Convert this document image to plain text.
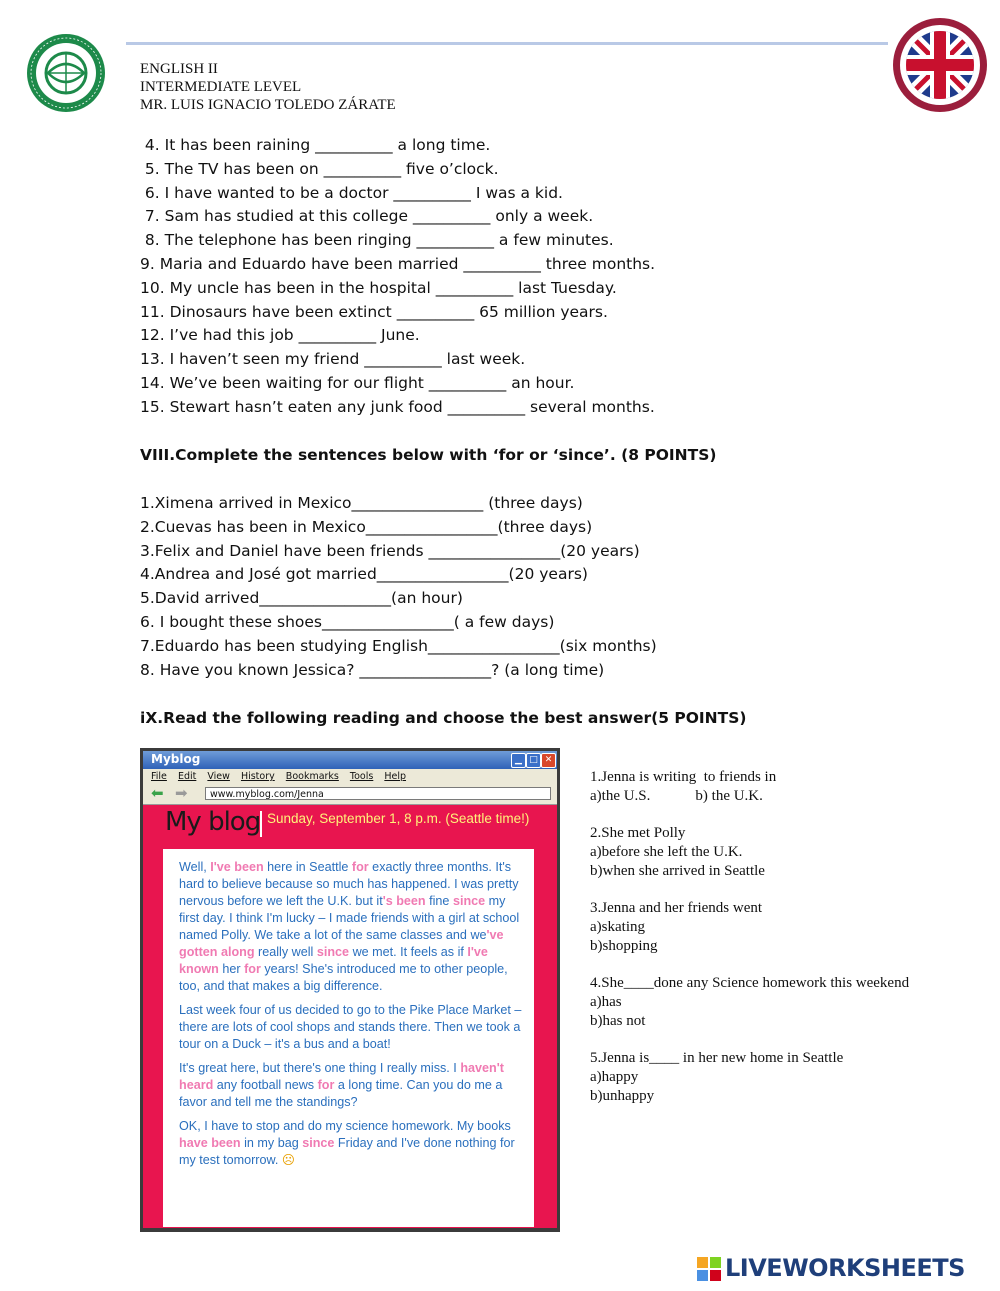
ENGLISH II
INTERMEDIATE LEVEL
MR. LUIS IGNACIO TOLEDO ZÁRATE
4. It has been raining __________ a long time.
5. The TV has been on __________ five o’clock.
6. I have wanted to be a doctor __________ I was a kid.
7. Sam has studied at this college __________ only a week.
8. The telephone has been ringing __________ a few minutes.
9. Maria and Eduardo have been married __________ three months.
10. My uncle has been in the hospital __________ last Tuesday.
11. Dinosaurs have been extinct __________ 65 million years.
12. I’ve had this job __________ June.
13. I haven’t seen my friend __________ last week.
14. We’ve been waiting for our flight __________ an hour.
15. Stewart hasn’t eaten any junk food __________ several months.
VIII.Complete the sentences below with ‘for or ‘since’. (8 POINTS)
1.Ximena arrived in Mexico_________________ (three days)
2.Cuevas has been in Mexico_________________(three days)
3.Felix and Daniel have been friends _________________(20 years)
4.Andrea and José got married_________________(20 years)
5.David arrived_________________(an hour)
6. I bought these shoes_________________( a few days)
7.Eduardo has been studying English_________________(six months)
8. Have you known Jessica? _________________? (a long time)
iX.Read the following reading and choose the best answer(5 POINTS)
Myblog	▁ □ ✕
File Edit View History Bookmarks Tools Help
⬅ ➡	www.myblog.com/Jenna
My blog Sunday, September 1, 8 p.m. (Seattle time!)

Well, I've been here in Seattle for exactly three months. It's hard to believe because so much has happened. I was pretty nervous before we left the U.K. but it's been fine since my first day. I think I'm lucky – I made friends with a girl at school named Polly. We take a lot of the same classes and we've gotten along really well since we met. It feels as if I've known her for years! She's introduced me to other people, too, and that makes a big difference.

Last week four of us decided to go to the Pike Place Market – there are lots of cool shops and stands there. Then we took a tour on a Duck – it's a bus and a boat!

It's great here, but there's one thing I really miss. I haven't heard any football news for a long time. Can you do me a favor and tell me the standings?

OK, I have to stop and do my science homework. My books have been in my bag since Friday and I've done nothing for my test tomorrow. ☹

1.Jenna is writing  to friends in
a)the U.S.            b) the U.K.
2.She met Polly
a)before she left the U.K.
b)when she arrived in Seattle
3.Jenna and her friends went
a)skating
b)shopping
4.She____done any Science homework this weekend
a)has
b)has not
5.Jenna is____ in her new home in Seattle
a)happy
b)unhappy
LIVEWORKSHEETS
